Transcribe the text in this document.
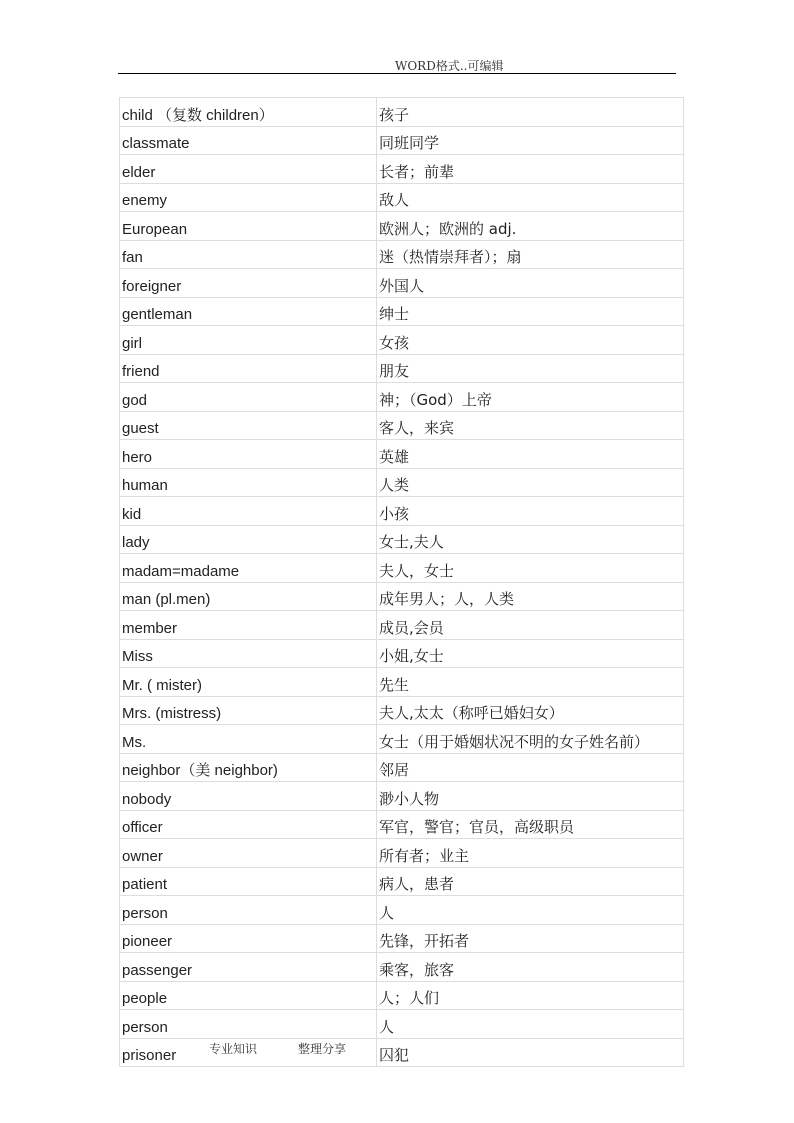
WORD格式..可编辑
child （复数 children）	孩子
classmate	同班同学
elder	长者；前辈
enemy	敌人
European	欧洲人；欧洲的 adj.
fan	迷（热情崇拜者）；扇
foreigner	外国人
gentleman	绅士
girl	女孩
friend	朋友
god	神；（God）上帝
guest	客人，来宾
hero	英雄
human	人类
kid	小孩
lady	女士,夫人
madam=madame	夫人，女士
man (pl.men)	成年男人；人，人类
member	成员,会员
Miss	小姐,女士
Mr. ( mister)	先生
Mrs. (mistress)	夫人,太太（称呼已婚妇女）
Ms.	女士（用于婚姻状况不明的女子姓名前）
neighbor（美 neighbor)	邻居
nobody	渺小人物
officer	军官，警官；官员，高级职员
owner	所有者；业主
patient	病人，患者
person	人
pioneer	先锋，开拓者
passenger	乘客，旅客
people	人；人们
person	人
prisoner	囚犯
专业知识	整理分享
